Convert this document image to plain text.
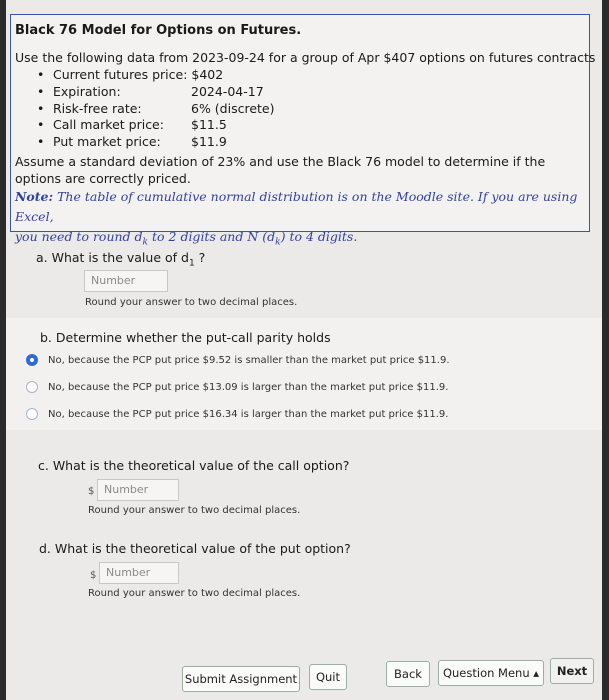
Black 76 Model for Options on Futures.
Use the following data from 2023-09-24 for a group of Apr $407 options on futures contracts
• Current futures price: $402
• Expiration:	2024-04-17
• Risk-free rate:	6% (discrete)
• Call market price: $11.5
• Put market price: $11.9
Assume a standard deviation of 23% and use the Black 76 model to determine if the options are correctly priced.
Note: The table of cumulative normal distribution is on the Moodle site. If you are using Excel,
you need to round $d_k$ to 2 digits and N $(d_k)$ to 4 digits.
a. What is the value of $d_1$ ?
Number
Round your answer to two decimal places.
b. Determine whether the put-call parity holds
No, because the PCP put price $9.52 is smaller than the market put price $11.9.
No, because the PCP put price $13.09 is larger than the market put price $11.9.
No, because the PCP put price $16.34 is larger than the market put price $11.9.
c. What is the theoretical value of the call option?
$ Number
Round your answer to two decimal places.
d. What is the theoretical value of the put option?
$ Number
Round your answer to two decimal places.
Submit Assignment	Quit	Back	Question Menu ▴	Next
